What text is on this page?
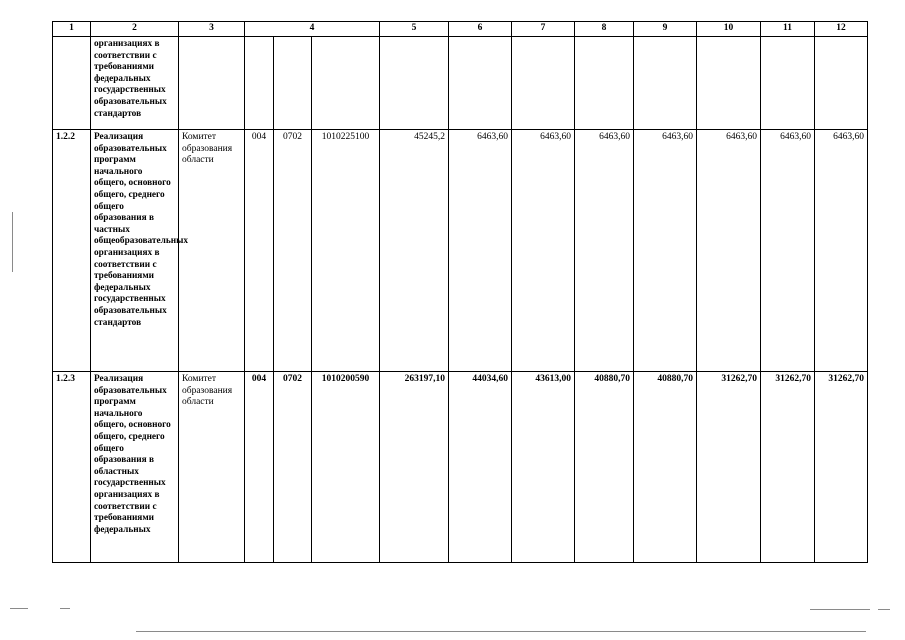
1	2	3	4			5	6	7	8	9	10	11	12
	организациях в соответствии с требованиями федеральных государственных образовательных стандартов												
1.2.2	Реализация образовательных программ начального общего, основного общего, среднего общего образования в частных общеобразовательных организациях в соответствии с требованиями федеральных государственных образовательных стандартов	Комитет образования области	004	0702	1010225100	45245,2	6463,60	6463,60	6463,60	6463,60	6463,60	6463,60	6463,60
1.2.3	Реализация образовательных программ начального общего, основного общего, среднего общего образования в областных государственных организациях в соответствии с требованиями федеральных	Комитет образования области	004	0702	1010200590	263197,10	44034,60	43613,00	40880,70	40880,70	31262,70	31262,70	31262,70
